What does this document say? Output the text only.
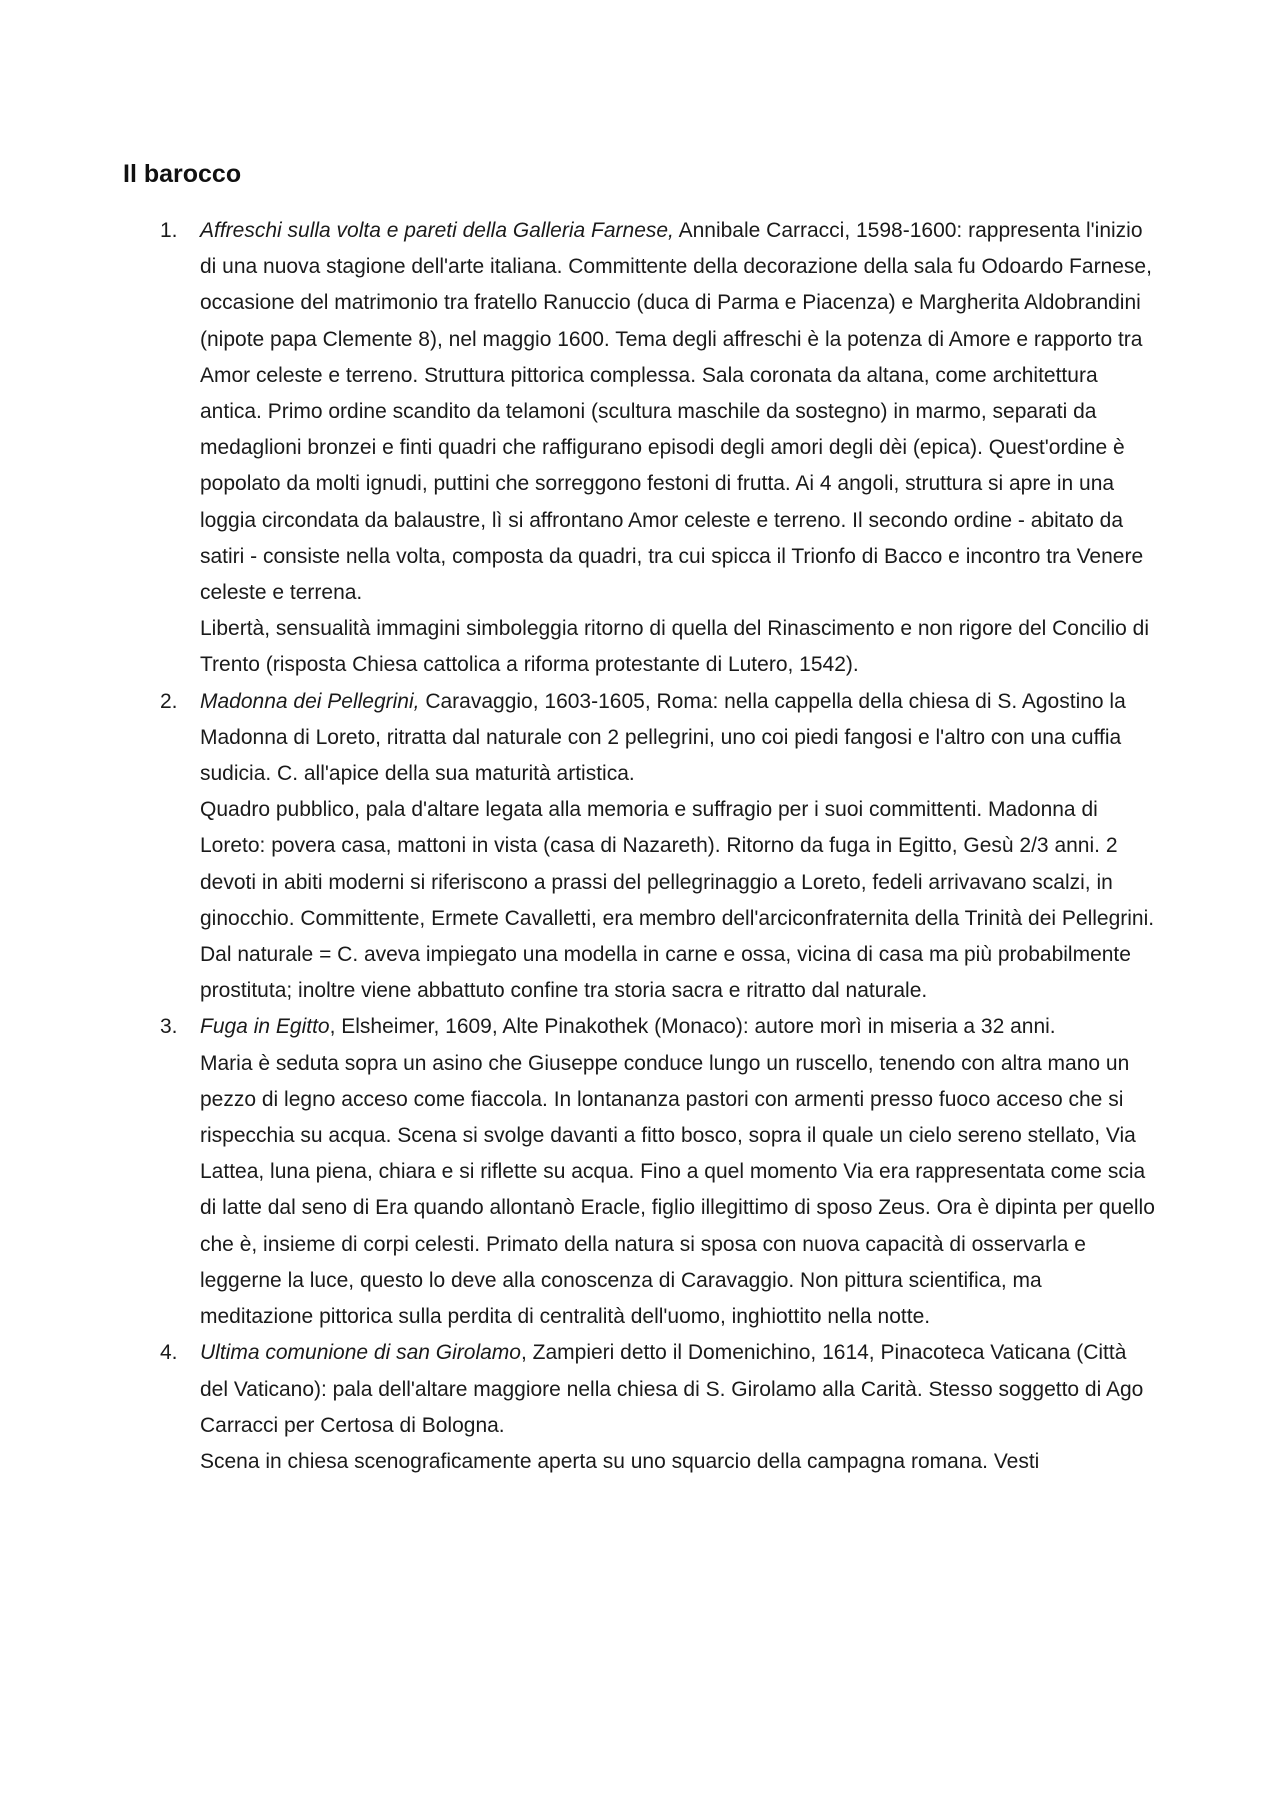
Il barocco
1.	Affreschi sulla volta e pareti della Galleria Farnese, Annibale Carracci, 1598-1600: rappresenta l'inizio di una nuova stagione dell'arte italiana. Committente della decorazione della sala fu Odoardo Farnese, occasione del matrimonio tra fratello Ranuccio (duca di Parma e Piacenza) e Margherita Aldobrandini (nipote papa Clemente 8), nel maggio 1600. Tema degli affreschi è la potenza di Amore e rapporto tra Amor celeste e terreno. Struttura pittorica complessa. Sala coronata da altana, come architettura antica. Primo ordine scandito da telamoni (scultura maschile da sostegno) in marmo, separati da medaglioni bronzei e finti quadri che raffigurano episodi degli amori degli dèi (epica). Quest'ordine è popolato da molti ignudi, puttini che sorreggono festoni di frutta. Ai 4 angoli, struttura si apre in una loggia circondata da balaustre, lì si affrontano Amor celeste e terreno. Il secondo ordine - abitato da satiri - consiste nella volta, composta da quadri, tra cui spicca il Trionfo di Bacco e incontro tra Venere celeste e terrena.
Libertà, sensualità immagini simboleggia ritorno di quella del Rinascimento e non rigore del Concilio di Trento (risposta Chiesa cattolica a riforma protestante di Lutero, 1542).
2.	Madonna dei Pellegrini, Caravaggio, 1603-1605, Roma: nella cappella della chiesa di S. Agostino la Madonna di Loreto, ritratta dal naturale con 2 pellegrini, uno coi piedi fangosi e l'altro con una cuffia sudicia. C. all'apice della sua maturità artistica.
Quadro pubblico, pala d'altare legata alla memoria e suffragio per i suoi committenti. Madonna di Loreto: povera casa, mattoni in vista (casa di Nazareth). Ritorno da fuga in Egitto, Gesù 2/3 anni. 2 devoti in abiti moderni si riferiscono a prassi del pellegrinaggio a Loreto, fedeli arrivavano scalzi, in ginocchio. Committente, Ermete Cavalletti, era membro dell'arciconfraternita della Trinità dei Pellegrini.
Dal naturale = C. aveva impiegato una modella in carne e ossa, vicina di casa ma più probabilmente prostituta; inoltre viene abbattuto confine tra storia sacra e ritratto dal naturale.
3.	Fuga in Egitto, Elsheimer, 1609, Alte Pinakothek (Monaco): autore morì in miseria a 32 anni.
Maria è seduta sopra un asino che Giuseppe conduce lungo un ruscello, tenendo con altra mano un pezzo di legno acceso come fiaccola. In lontananza pastori con armenti presso fuoco acceso che si rispecchia su acqua. Scena si svolge davanti a fitto bosco, sopra il quale un cielo sereno stellato, Via Lattea, luna piena, chiara e si riflette su acqua. Fino a quel momento Via era rappresentata come scia di latte dal seno di Era quando allontanò Eracle, figlio illegittimo di sposo Zeus. Ora è dipinta per quello che è, insieme di corpi celesti. Primato della natura si sposa con nuova capacità di osservarla e leggerne la luce, questo lo deve alla conoscenza di Caravaggio. Non pittura scientifica, ma meditazione pittorica sulla perdita di centralità dell'uomo, inghiottito nella notte.
4.	Ultima comunione di san Girolamo, Zampieri detto il Domenichino, 1614, Pinacoteca Vaticana (Città del Vaticano): pala dell'altare maggiore nella chiesa di S. Girolamo alla Carità. Stesso soggetto di Ago Carracci per Certosa di Bologna.
Scena in chiesa scenograficamente aperta su uno squarcio della campagna romana. Vesti
